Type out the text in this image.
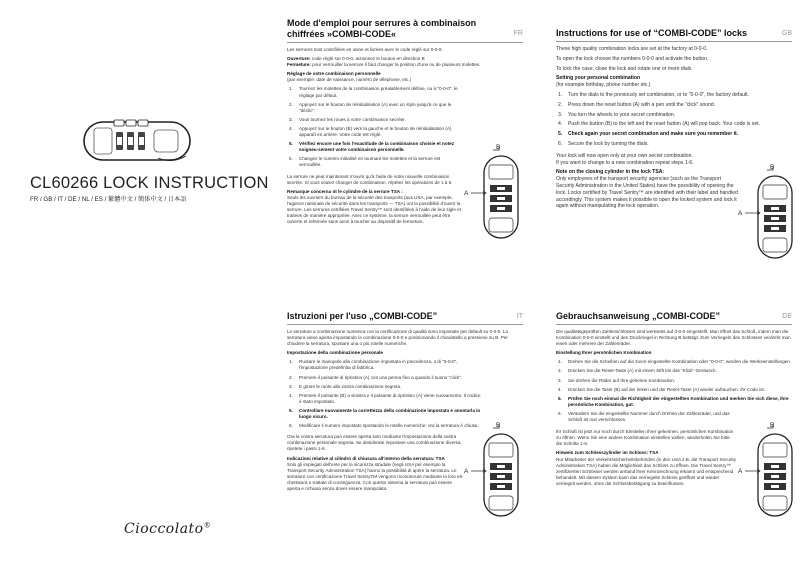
CL60266 LOCK INSTRUCTION
FR / GB / IT / DE / NL / ES / 繁體中文 / 簡体中文 / 日本語
Cioccolato®
Mode d'emploi pour serrures à combinaison
chiffrées »COMBI-CODE«	FR

Les serrures sont contrôlées en usine et livrées avec le code réglé sur 0-0-0.

Ouverture: code réglé sur 0-0-0, actionnez le bouton en direction B

Fermeture: pour verrouiller la serrure il faut changer la position d'une ou de plusieurs molettes.

Réglage de votre combinaison personnelle

(par exemple: date de naissance, numéro de téléphone, etc.)

1. Tournez les molettes de la combinaison préalablement définie, ou à "0-0-0", le réglage par défaut.
2. Appuyez sur le bouton de réinitialisation (A) avec un stylo jusqu'à ce que le "déclic".
3. Vous tournez les roues à votre combinaison secrète.
4. Appuyez sur le bouton (B) vers la gauche et le bouton de réinitialisation (A) apparaît en arrière. Votre code est réglé.
5. Vérifiez encore une fois l'exactitude de la combinaison choisie et notez soigneu-sement votre combinaison personnelle.
6. Changez le numéro initialisé en tournant les molettes et la serrure est verrouillée.

La serrure ne peut maintenant s'ouvrir qu'à l'aide de votre nouvelle combinaison secrète. Si vous voulez changer de combinaison, répétez les opérations de 1 à 6.

Remarque concerna nt le cylindre de la serrure TSA :

Seuls les ouvriers du bureau de la sécurité des tousports (aux USA, par exemple, l'agence nationale de sécurité dans les transports — TSA) ont la possibilité d'ouvrir la serrure. Les serrures certifiées Travel Sentry™ sont identifiées à l'aide de leur sigle et traitées de manière appropriée. Avec ce système, la serrure verrouillée peut être ouverte et refermée sans avoir à toucher au dispositif de fermeture.

B
A
Instructions for use of “COMBI-CODE” locks	GB

These high quality combination locks are set at the factory at 0-0-0.

To open the lock choose the numbers 0-0-0 and activate the button.

To lock the case, close the lock and rotate one or more dials.

Setting your personal combination

(for example birthday, phone number etc.)

1. Turn the dials to the previously set combination, or to "0-0-0", the factory default.
2. Press down the reset button (A) with a pen until the "click" sound.
3. You turn the wheels to your secret combination.
4. Push the button (B) to the left and the reset button (A) will pop back. Your code is set.
5. Check again your secret combination and make sure you remember it.
6. Secure the lock by turning the dials.

Your lock will now open only at your own secret combination.
If you want to change to a new combination repeat steps 1-6.

Note on the closing cylinder in the lock TSA:

Only employees of the transport security agencies (such as the Transport Security Administration in the United States) have the possibility of opening the lock. Locks certified by Travel Sentry™ are identified with their label and handled accordingly. This system makes it possible to open the locked system and lock it again without manipulating the lock operation.

B
A
Istruzioni per l'uso „COMBI-CODE”	IT

Le serrature a combinazione numerica con la certificazione di qualità sono impostate per default su 0-0-0. La serratura viene aperta impostando la combinazione 0-0-0 e posizionando il chiavistello a pressione su B. Per chiudere la serratura, spostare una o più rotelle numeriche.

Impostazione della combinazione personale

1. Ruotare le manopole alla combinazione impostata in precedenza, o di "0-0-0", l'impostazione predefinita di fabbrica.
2. Premere il pulsante di ripristino (A) con una penna fino a quando il suono "click".
3. E girare le ruote alla vostra combinazione segreta.
4. Premere il pulsante (B) a sinistra e il pulsante di ripristino (A) viene nuovamente. Il codice è stato impostato.
5. Controllare nuovamente la correttezza della combinazione impostata e annotarla in luogo sicuro.
6. Modificare il numero impostato spostando le rotelle numeriche; ora la serratura è chiusa.

Ora la vostra serratura può essere aperta solo mediante l'impostazione della vostra combinazione personale segreta. Se desiderate impostare una combinazione diversa, ripetete i passi 1-6.

Indicazioni relative al cilindro di chiusura all'interno della serratura: TSA

Solo gli impiegati dell'ente per la sicurezza stradale (negli USA per esempio la Transport Security Administration TSA) hanno la possibilità di aprire la serratura. Le serrature con certificazione Travel SentryTM vengono riconosciute mediante la loro eti- chettatura e trattate di conseguenza. Con questo sistema la serratura può essere aperta e richiusa senza dover essere manipolata.

B
A
Gebrauchsanweisung „COMBI-CODE”	DE

Die qualitätsgeprüften Zahlenschlösser sind werkseits auf 0-0-0 eingestellt. Man öffnet das Schloß, indem man die Kombination 0-0-0 einstellt und den Druckriegel in Richtung B betätigt. Zum Verriegeln des Schlosses verdreht man einen oder mehrere der Zahlenräder.

Einstellung Ihrer persönlichen Kombination

1. Drehen Sie die Scheiben auf die zuvor eingestellte Kombination oder "0-0-0", werden die Werkseinstellungen.
2. Drücken Sie die Reset-Taste (A) mit einem Stift bis das "Klick"-Geräusch.
3. Sie drehen die Räder auf Ihre geheime Kombination.
4. Drücken Sie die Taste (B) auf der linken und der Reset-Taste (A) wieder auftauchen. Ihr Code ist.
5. Prüfen Sie noch einmal die Richtigkeit der eingestellten Kombination und merken Sie sich diese, Ihre persönliche Kombination, gut.
6. Verändern Sie die eingestellte Nummer durch Drehen der Zahlenräder, und das Schloß ist nun verschlossen.

Ihr Schloß ist jetzt nur noch durch Einstellen Ihrer geheimen, persönlichen Kombination zu öffnen. Wenn Sie eine andere Kombination einstellen wollen, wiederholen Sie bitte die Schritte 1-6.

Hinweis zum Schliesszylinder im Schloss: TSA

Nur Mitarbeiter der Verkehrssicherheitsbehörden (in den USA z.B. die Transport Security Administration TSA) haben die Möglichkeit das Schloss zu öffnen. Die Travel Sentry™ zertifizierten Schlösser werden anhand ihrer Kennzeichnung erkannt und entsprechend behandelt. Mit diesem System kann das verriegelte Schloss geöffnet und wieder verriegelt werden, ohne die Schlossbetätigung zu beeinflussen.

B
A
